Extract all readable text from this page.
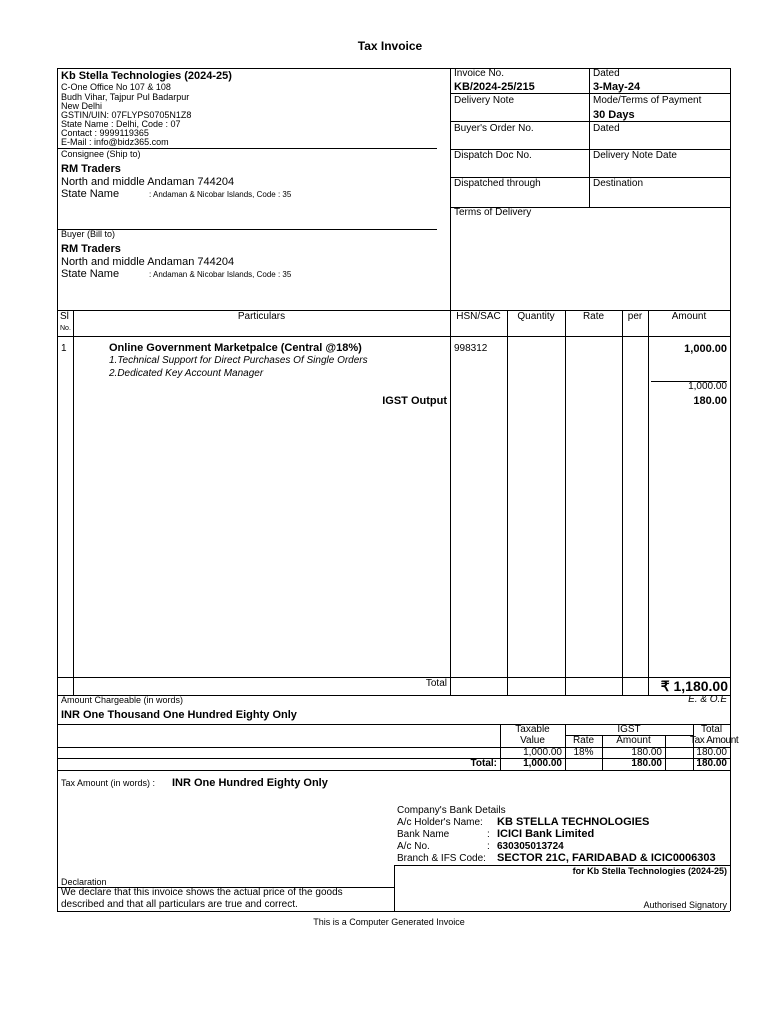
Tax Invoice
Kb Stella Technologies (2024-25)
C-One Office No 107 & 108
Budh Vihar, Tajpur Pul Badarpur
New Delhi
GSTIN/UIN: 07FLYPS0705N1Z8
State Name : Delhi, Code : 07
Contact : 9999119365
E-Mail : info@bidz365.com
Consignee (Ship to)
RM Traders
North and middle Andaman 744204
State Name	: Andaman & Nicobar Islands, Code : 35
Buyer (Bill to)
RM Traders
North and middle Andaman 744204
State Name	: Andaman & Nicobar Islands, Code : 35
Invoice No.
KB/2024-25/215
Dated
3-May-24
Delivery Note	Mode/Terms of Payment
30 Days
Buyer's Order No.	Dated
Dispatch Doc No.	Delivery Note Date
Dispatched through	Destination
Terms of Delivery
Sl
No.
Particulars	HSN/SAC	Quantity	Rate	per	Amount
1	Online Government Marketpalce (Central @18%)
1.Technical Support for Direct Purchases Of Single Orders
2.Dedicated Key Account Manager
998312	1,000.00
1,000.00
IGST Output	180.00
Total	₹ 1,180.00
Amount Chargeable (in words)	E. & O.E
INR One Thousand One Hundred Eighty Only
Taxable
Value
IGST
Rate	Amount
Total
Tax Amount
1,000.00	18%	180.00	180.00
Total:	1,000.00	180.00	180.00
Tax Amount (in words) : INR One Hundred Eighty Only
Company's Bank Details
A/c Holder's Name: KB STELLA TECHNOLOGIES
Bank Name	: ICICI Bank Limited
A/c No.	: 630305013724
Branch & IFS Code: SECTOR 21C, FARIDABAD & ICIC0006303
Declaration
We declare that this invoice shows the actual price of the goods
described and that all particulars are true and correct.
for Kb Stella Technologies (2024-25)
Authorised Signatory
This is a Computer Generated Invoice
